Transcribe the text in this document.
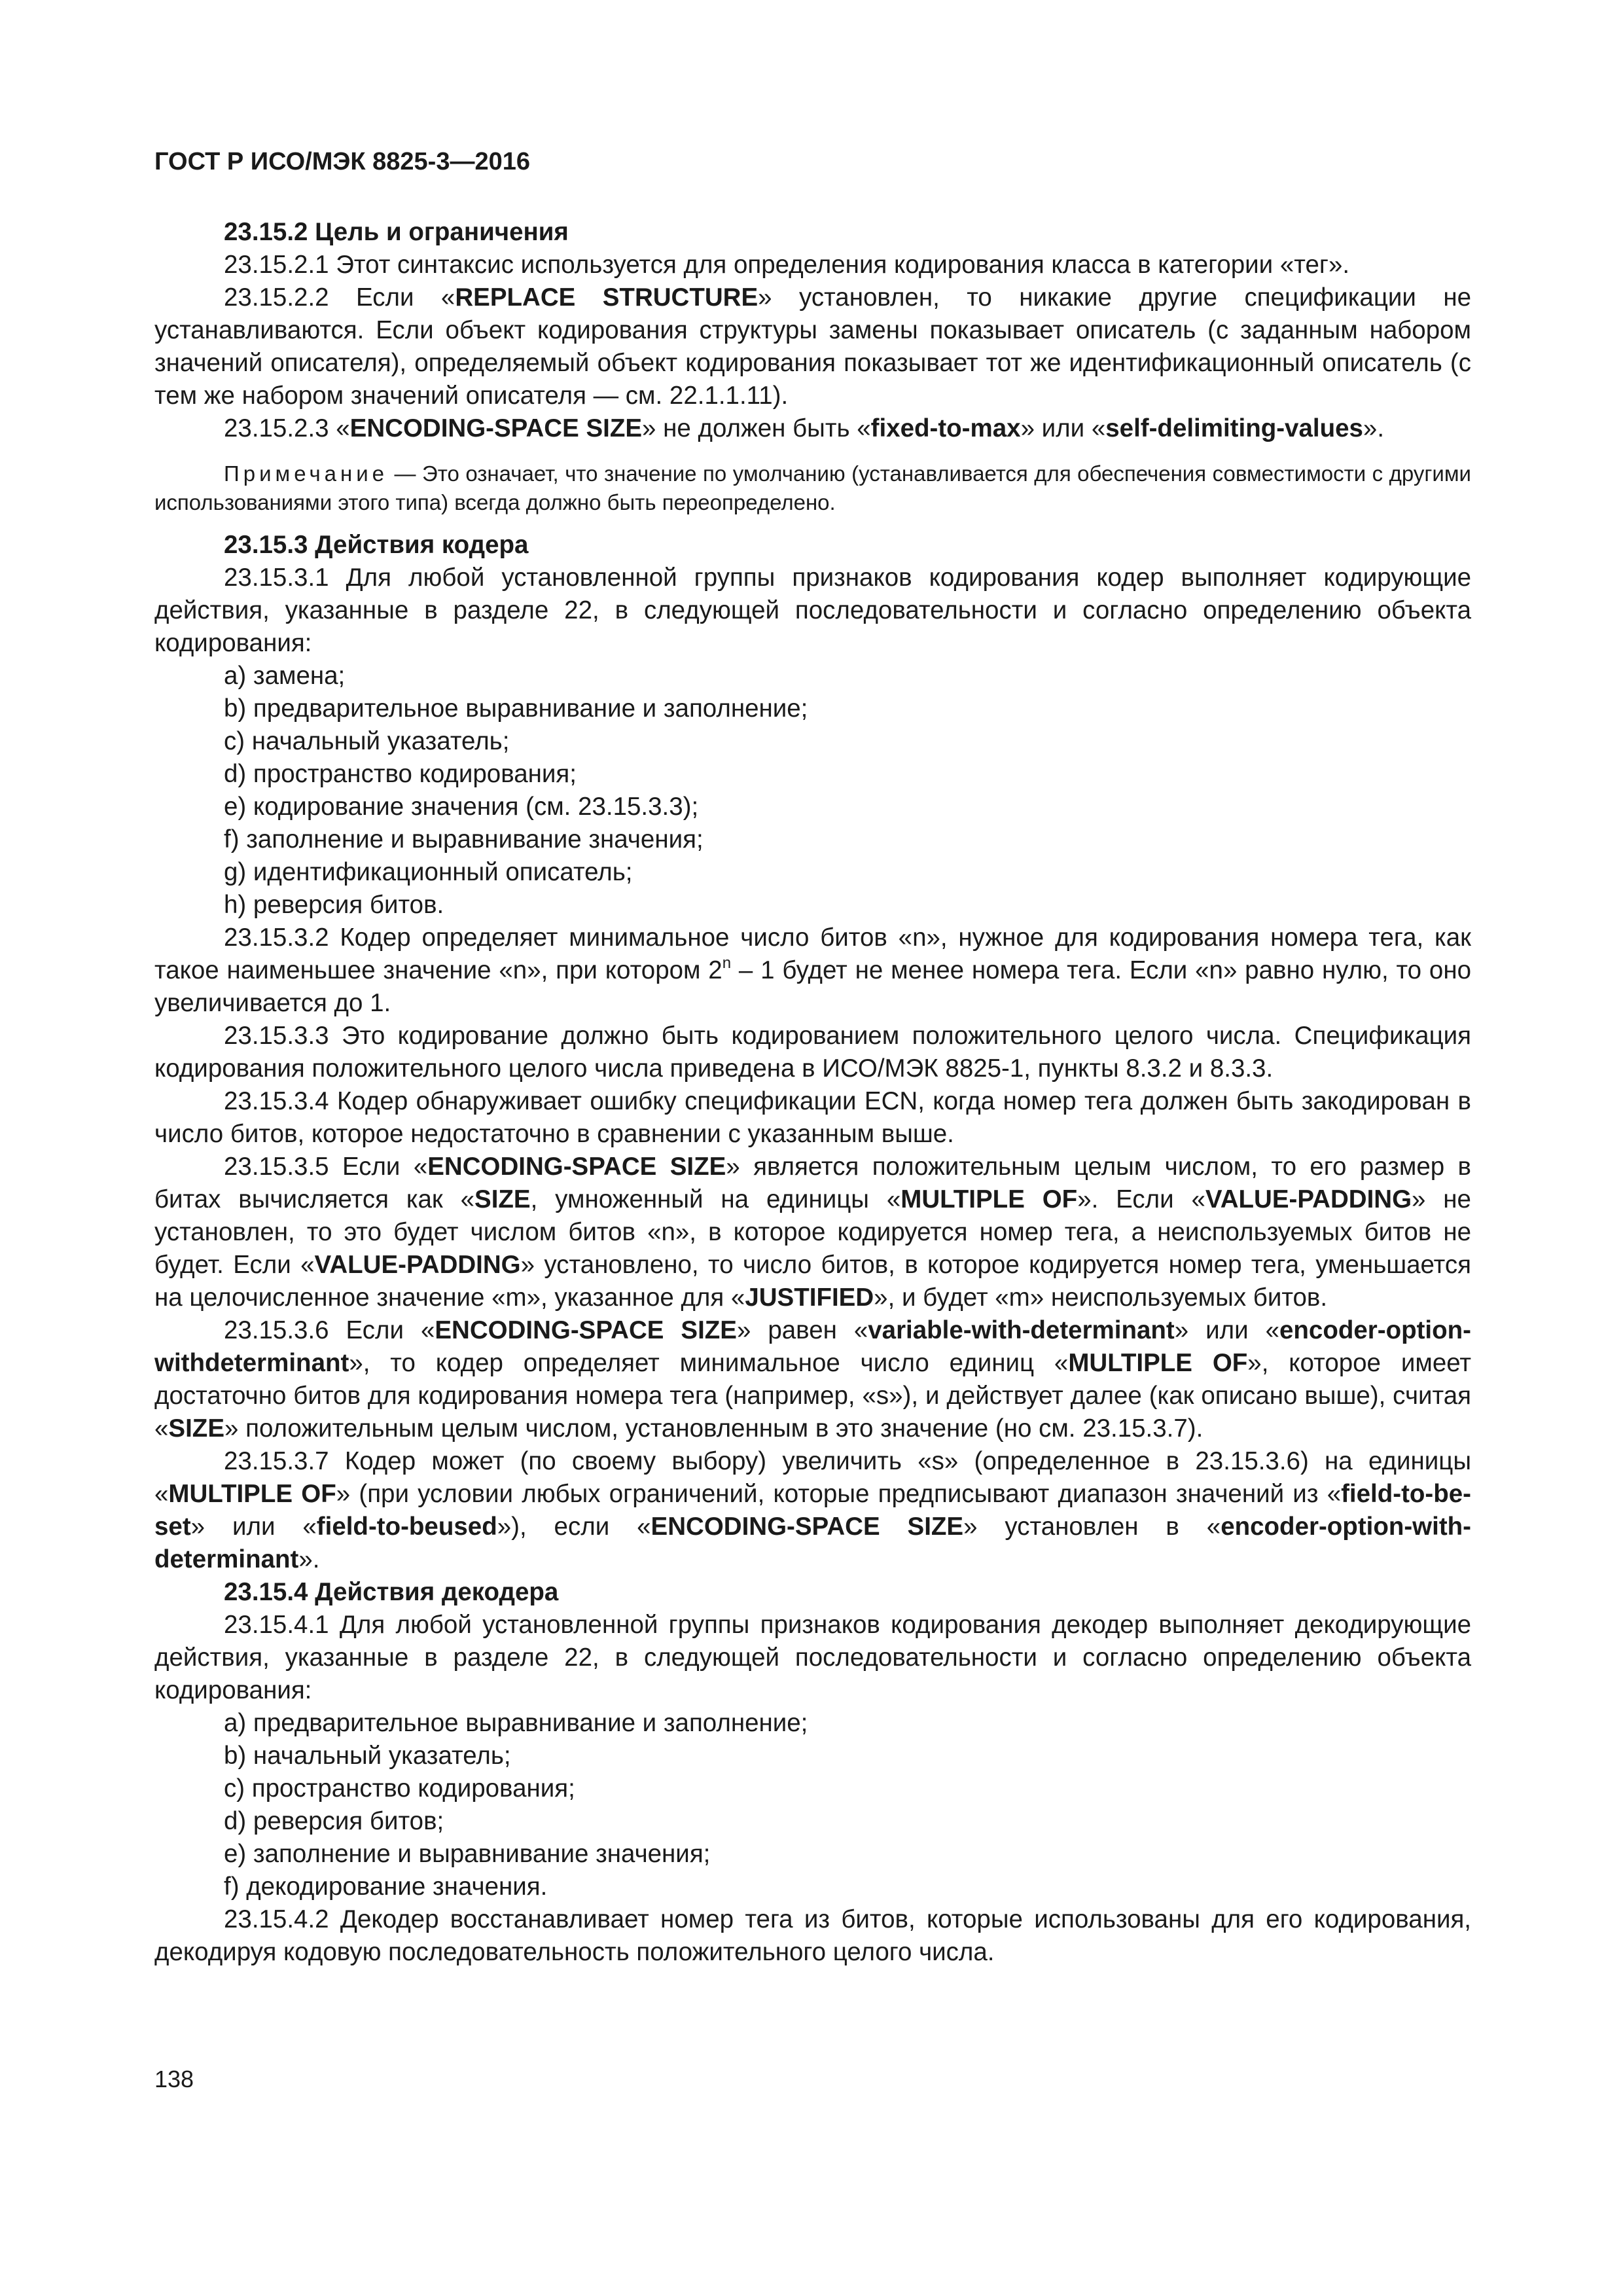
ГОСТ Р ИСО/МЭК 8825-3—2016

23.15.2 Цель и ограничения

23.15.2.1 Этот синтаксис используется для определения кодирования класса в категории «тег».

23.15.2.2 Если «REPLACE STRUCTURE» установлен, то никакие другие спецификации не устанавливаются. Если объект кодирования структуры замены показывает описатель (с заданным набором значений описателя), определяемый объект кодирования показывает тот же идентификационный описатель (с тем же набором значений описателя — см. 22.1.1.11).

23.15.2.3 «ENCODING-SPACE SIZE» не должен быть «fixed-to-max» или «self-delimiting-values».

Примечание — Это означает, что значение по умолчанию (устанавливается для обеспечения совместимости с другими использованиями этого типа) всегда должно быть переопределено.

23.15.3 Действия кодера

23.15.3.1 Для любой установленной группы признаков кодирования кодер выполняет кодирующие действия, указанные в разделе 22, в следующей последовательности и согласно определению объекта кодирования:

a) замена;

b) предварительное выравнивание и заполнение;

c) начальный указатель;

d) пространство кодирования;

e) кодирование значения (см. 23.15.3.3);

f) заполнение и выравнивание значения;

g) идентификационный описатель;

h) реверсия битов.

23.15.3.2 Кодер определяет минимальное число битов «n», нужное для кодирования номера тега, как такое наименьшее значение «n», при котором 2$^n$ – 1 будет не менее номера тега. Если «n» равно нулю, то оно увеличивается до 1.

23.15.3.3 Это кодирование должно быть кодированием положительного целого числа. Спецификация кодирования положительного целого числа приведена в ИСО/МЭК 8825-1, пункты 8.3.2 и 8.3.3.

23.15.3.4 Кодер обнаруживает ошибку спецификации ECN, когда номер тега должен быть закодирован в число битов, которое недостаточно в сравнении с указанным выше.

23.15.3.5 Если «ENCODING-SPACE SIZE» является положительным целым числом, то его размер в битах вычисляется как «SIZE, умноженный на единицы «MULTIPLE OF». Если «VALUE-PADDING» не установлен, то это будет числом битов «n», в которое кодируется номер тега, а неиспользуемых битов не будет. Если «VALUE-PADDING» установлено, то число битов, в которое кодируется номер тега, уменьшается на целочисленное значение «m», указанное для «JUSTIFIED», и будет «m» неиспользуемых битов.

23.15.3.6 Если «ENCODING-SPACE SIZE» равен «variable-with-determinant» или «encoder-option-withdeterminant», то кодер определяет минимальное число единиц «MULTIPLE OF», которое имеет достаточно битов для кодирования номера тега (например, «s»), и действует далее (как описано выше), считая «SIZE» положительным целым числом, установленным в это значение (но см. 23.15.3.7).

23.15.3.7 Кодер может (по своему выбору) увеличить «s» (определенное в 23.15.3.6) на единицы «MULTIPLE OF» (при условии любых ограничений, которые предписывают диапазон значений из «field-to-be-set» или «field-to-beused»), если «ENCODING-SPACE SIZE» установлен в «encoder-option-with-determinant».

23.15.4 Действия декодера

23.15.4.1 Для любой установленной группы признаков кодирования декодер выполняет декодирующие действия, указанные в разделе 22, в следующей последовательности и согласно определению объекта кодирования:

a) предварительное выравнивание и заполнение;

b) начальный указатель;

c) пространство кодирования;

d) реверсия битов;

e) заполнение и выравнивание значения;

f) декодирование значения.

23.15.4.2 Декодер восстанавливает номер тега из битов, которые использованы для его кодирования, декодируя кодовую последовательность положительного целого числа.

138
